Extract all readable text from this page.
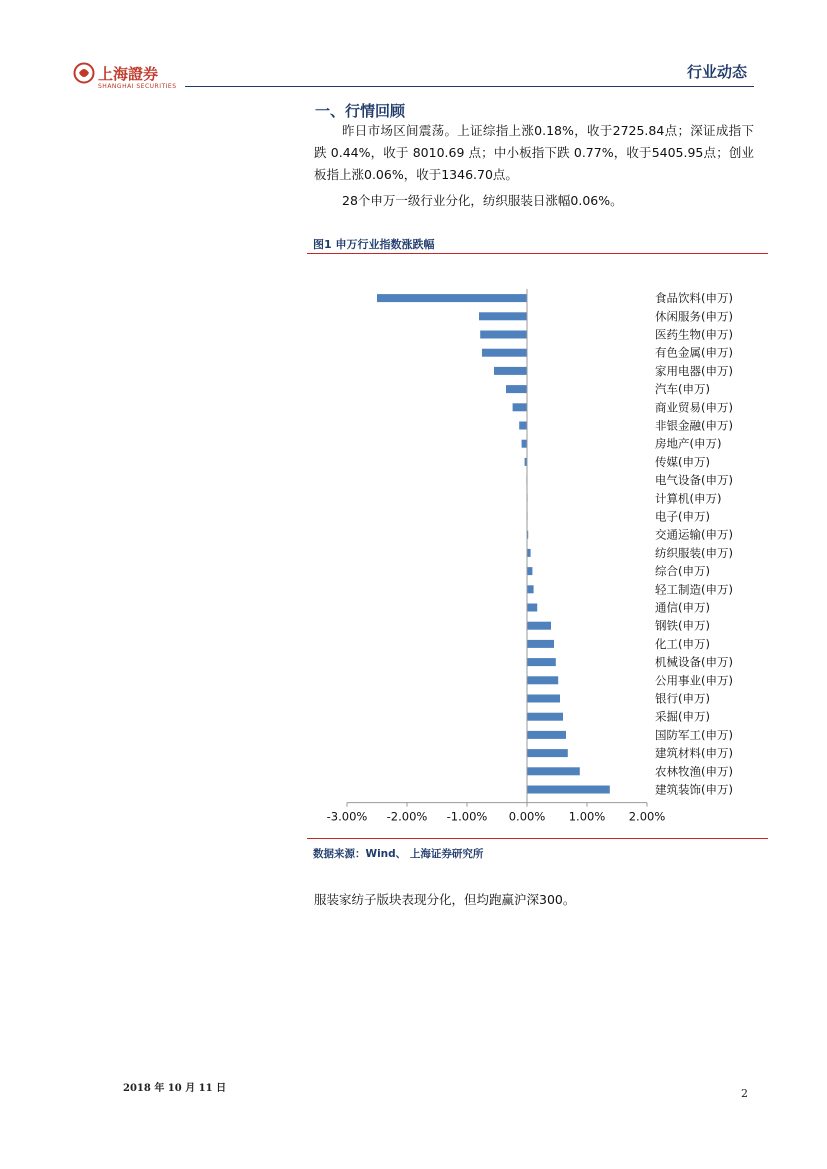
上海證券
SHANGHAI SECURITIES
行业动态
一、行情回顾
昨日市场区间震荡。上证综指上涨0.18%，收于2725.84点；深证成指下跌 0.44%，收于 8010.69 点；中小板指下跌 0.77%，收于5405.95点；创业板指上涨0.06%，收于1346.70点。
28个申万一级行业分化，纺织服装日涨幅0.06%。
图1 申万行业指数涨跌幅
-3.00% -2.00% -1.00% 0.00% 1.00% 2.00%
食品饮料(申万)
休闲服务(申万)
医药生物(申万)
有色金属(申万)
家用电器(申万)
汽车(申万)
商业贸易(申万)
非银金融(申万)
房地产(申万)
传媒(申万)
电气设备(申万)
计算机(申万)
电子(申万)
交通运输(申万)
纺织服装(申万)
综合(申万)
轻工制造(申万)
通信(申万)
钢铁(申万)
化工(申万)
机械设备(申万)
公用事业(申万)
银行(申万)
采掘(申万)
国防军工(申万)
建筑材料(申万)
农林牧渔(申万)
建筑装饰(申万)
数据来源：Wind、 上海证券研究所
服装家纺子版块表现分化，但均跑赢沪深300。
2018 年 10 月 11 日	2
